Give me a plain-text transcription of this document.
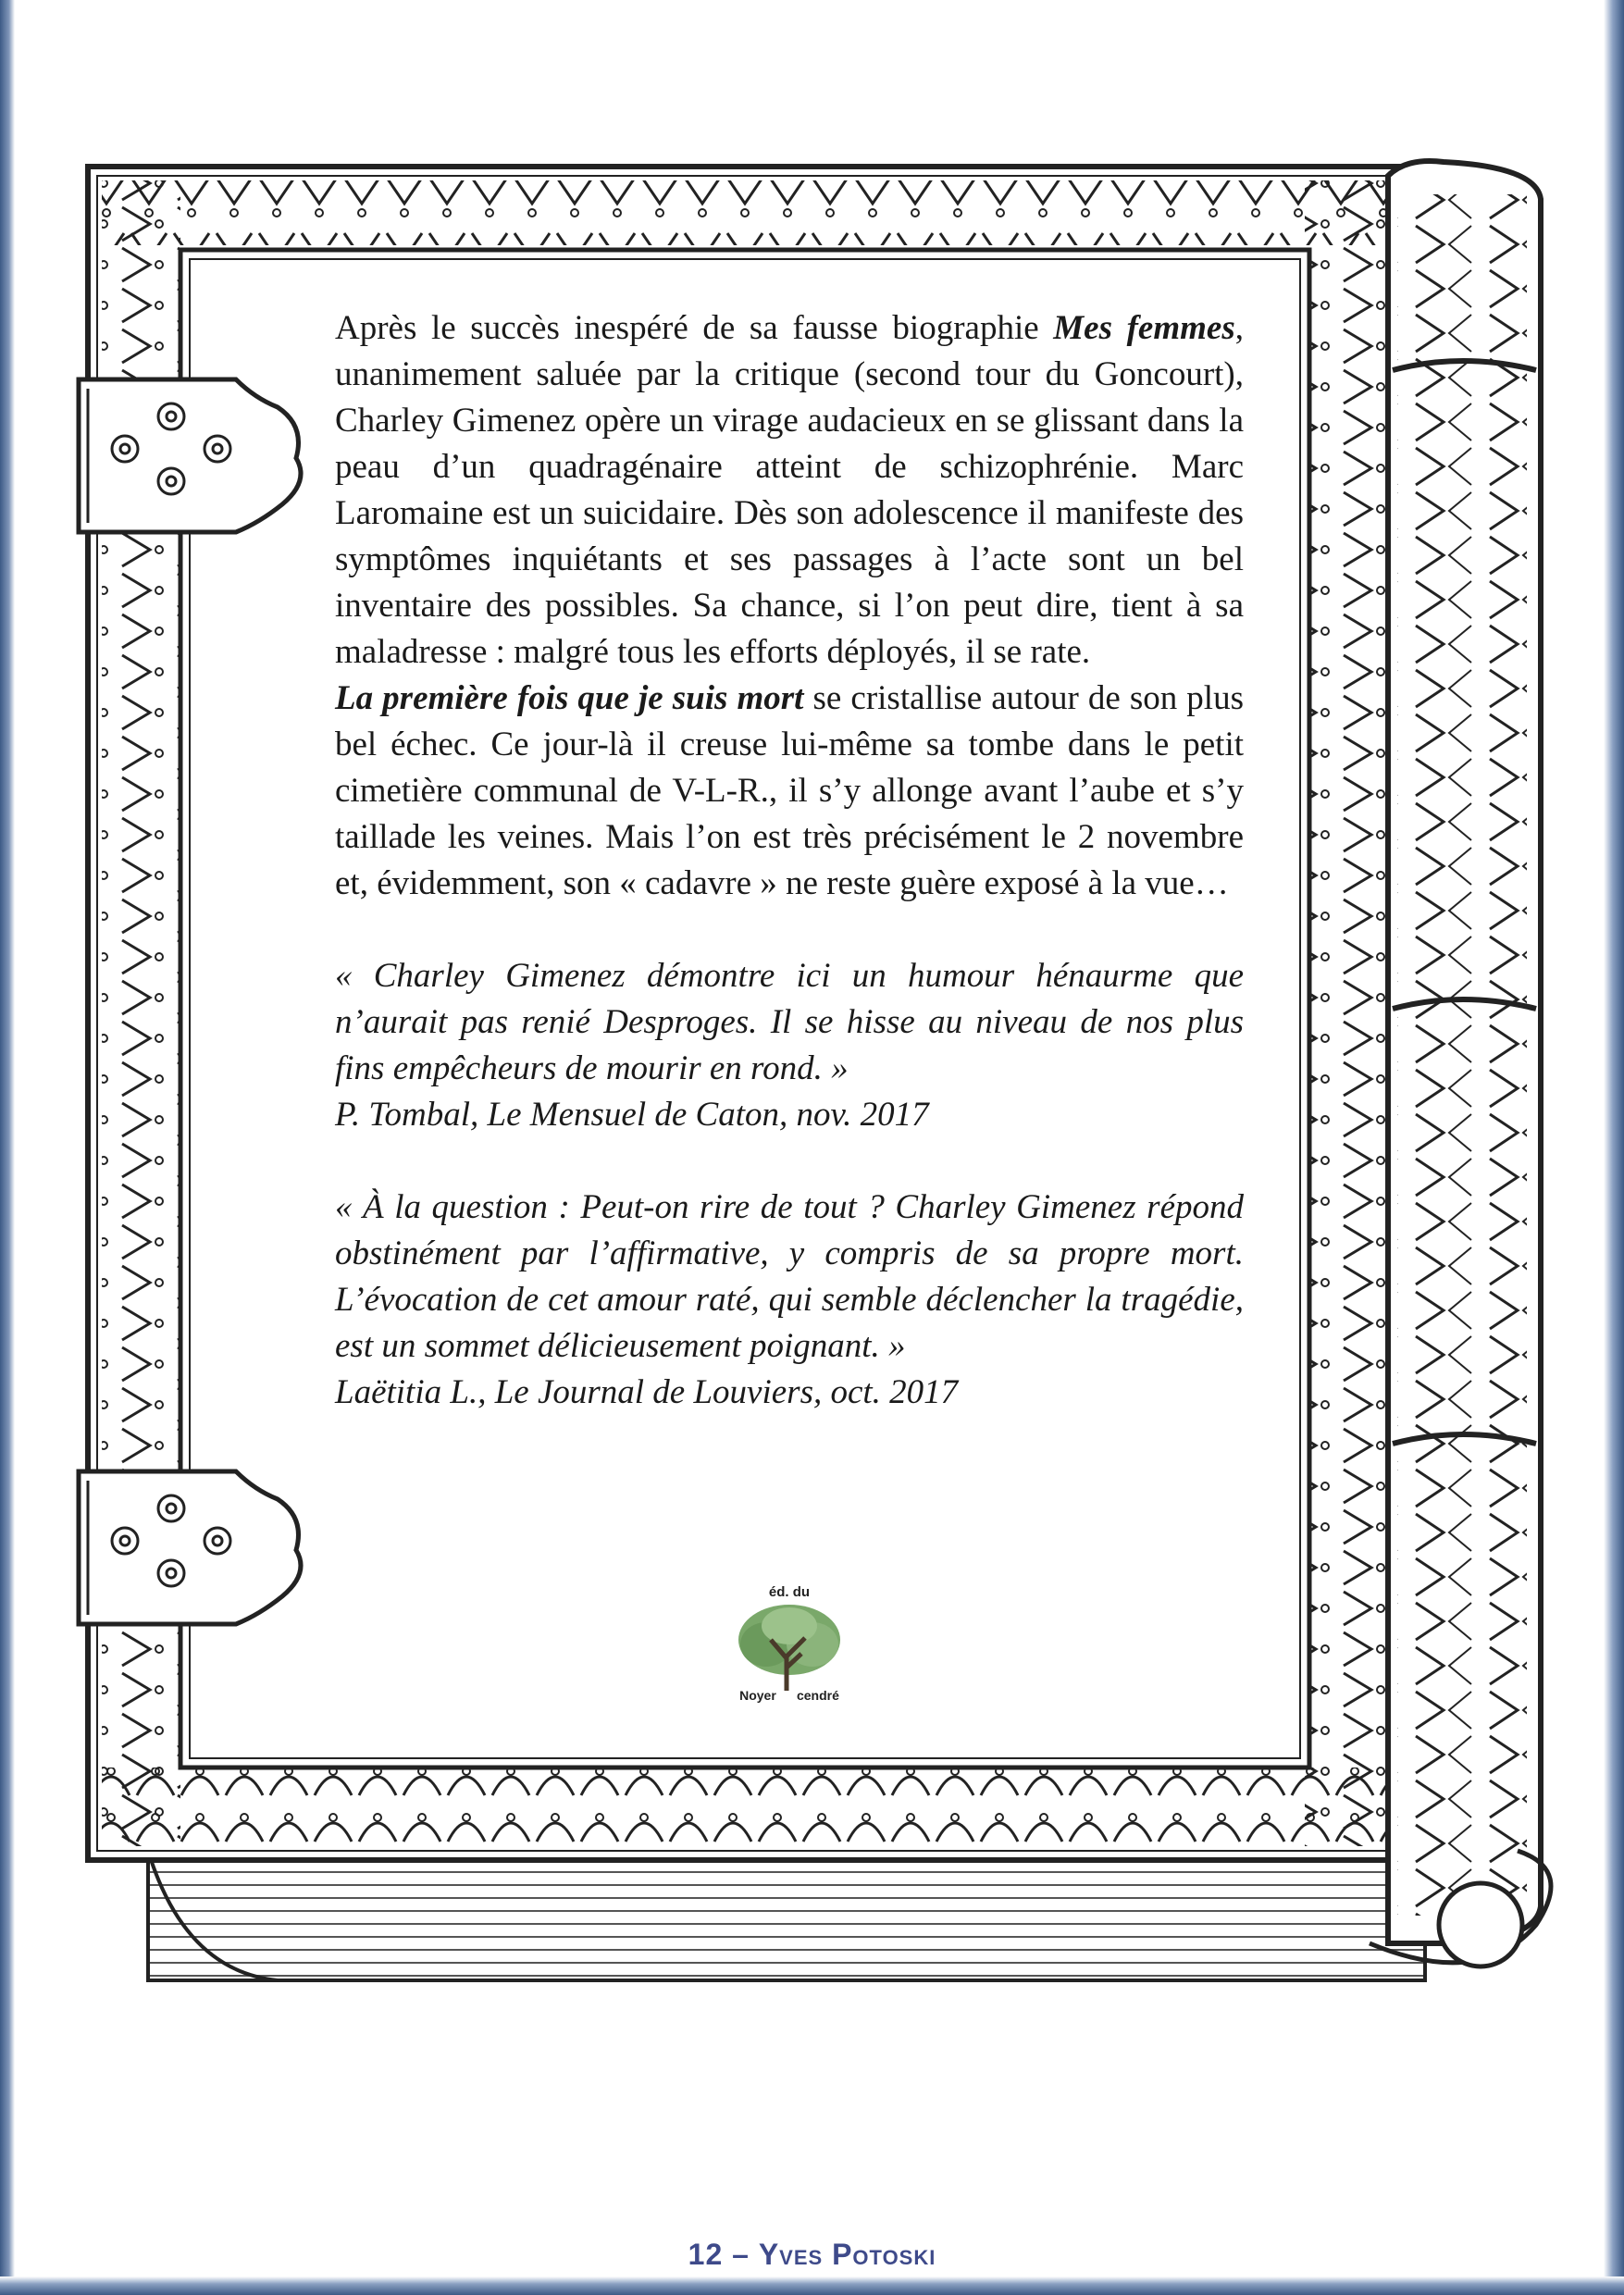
Après le succès inespéré de sa fausse biographie Mes femmes, unanimement saluée par la critique (second tour du Goncourt), Charley Gimenez opère un virage audacieux en se glissant dans la peau d’un quadragénaire atteint de schizophrénie. Marc Laromaine est un suicidaire. Dès son adolescence il manifeste des symptômes inquiétants et ses passages à l’acte sont un bel inventaire des possibles. Sa chance, si l’on peut dire, tient à sa maladresse : malgré tous les efforts déployés, il se rate.

La première fois que je suis mort se cristallise autour de son plus bel échec. Ce jour-là il creuse lui-même sa tombe dans le petit cimetière communal de V-L-R., il s’y allonge avant l’aube et s’y taillade les veines. Mais l’on est très précisément le 2 novembre et, évidemment, son « cadavre » ne reste guère exposé à la vue…

« Charley Gimenez démontre ici un humour hénaurme que n’aurait pas renié Desproges. Il se hisse au niveau de nos plus fins empêcheurs de mourir en rond. »

P. Tombal, Le Mensuel de Caton, nov. 2017

« À la question : Peut-on rire de tout ? Charley Gimenez répond obstinément par l’affirmative, y compris de sa propre mort. L’évocation de cet amour raté, qui semble déclencher la tragédie, est un sommet délicieusement poignant. »

Laëtitia L., Le Journal de Louviers, oct. 2017

éd. du
Noyer cendré
12 – Yves Potoski
